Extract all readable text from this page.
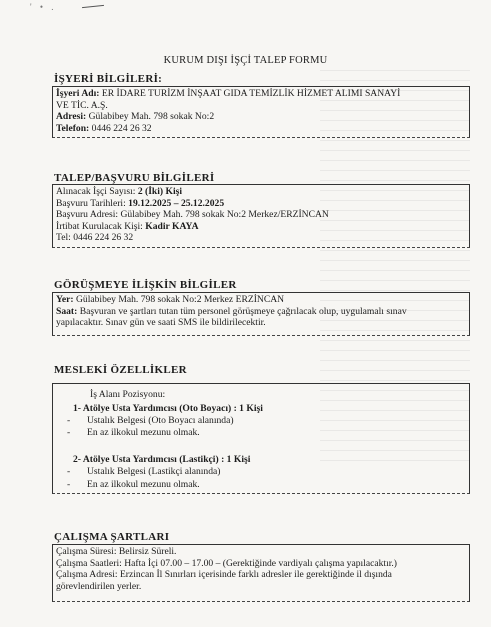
' • .
KURUM DIŞI İŞÇİ TALEP FORMU
İŞYERİ BİLGİLERİ:
İşyeri Adı: ER İDARE TURİZM İNŞAAT GIDA TEMİZLİK HİZMET ALIMI SANAYİ
VE TİC. A.Ş.
Adresi: Gülabibey Mah. 798 sokak No:2
Telefon: 0446 224 26 32
TALEP/BAŞVURU BİLGİLERİ
Alınacak İşçi Sayısı: 2 (İki) Kişi
Başvuru Tarihleri: 19.12.2025 – 25.12.2025
Başvuru Adresi: Gülabibey Mah. 798 sokak No:2 Merkez/ERZİNCAN
İrtibat Kurulacak Kişi: Kadir KAYA
Tel: 0446 224 26 32
GÖRÜŞMEYE İLİŞKİN BİLGİLER
Yer: Gülabibey Mah. 798 sokak No:2 Merkez ERZİNCAN
Saat: Başvuran ve şartları tutan tüm personel görüşmeye çağrılacak olup, uygulamalı sınav
yapılacaktır. Sınav gün ve saati SMS ile bildirilecektir.
MESLEKİ ÖZELLİKLER
İş Alanı Pozisyonu:
1- Atölye Usta Yardımcısı (Oto Boyacı) : 1 Kişi
- Ustalık Belgesi (Oto Boyacı alanında)
- En az ilkokul mezunu olmak.
2- Atölye Usta Yardımcısı (Lastikçi) : 1 Kişi
- Ustalık Belgesi (Lastikçi alanında)
- En az ilkokul mezunu olmak.
ÇALIŞMA ŞARTLARI
Çalışma Süresi: Belirsiz Süreli.
Çalışma Saatleri: Hafta İçi 07.00 – 17.00 – (Gerektiğinde vardiyalı çalışma yapılacaktır.)
Çalışma Adresi: Erzincan İl Sınırları içerisinde farklı adresler ile gerektiğinde il dışında
görevlendirilen yerler.
